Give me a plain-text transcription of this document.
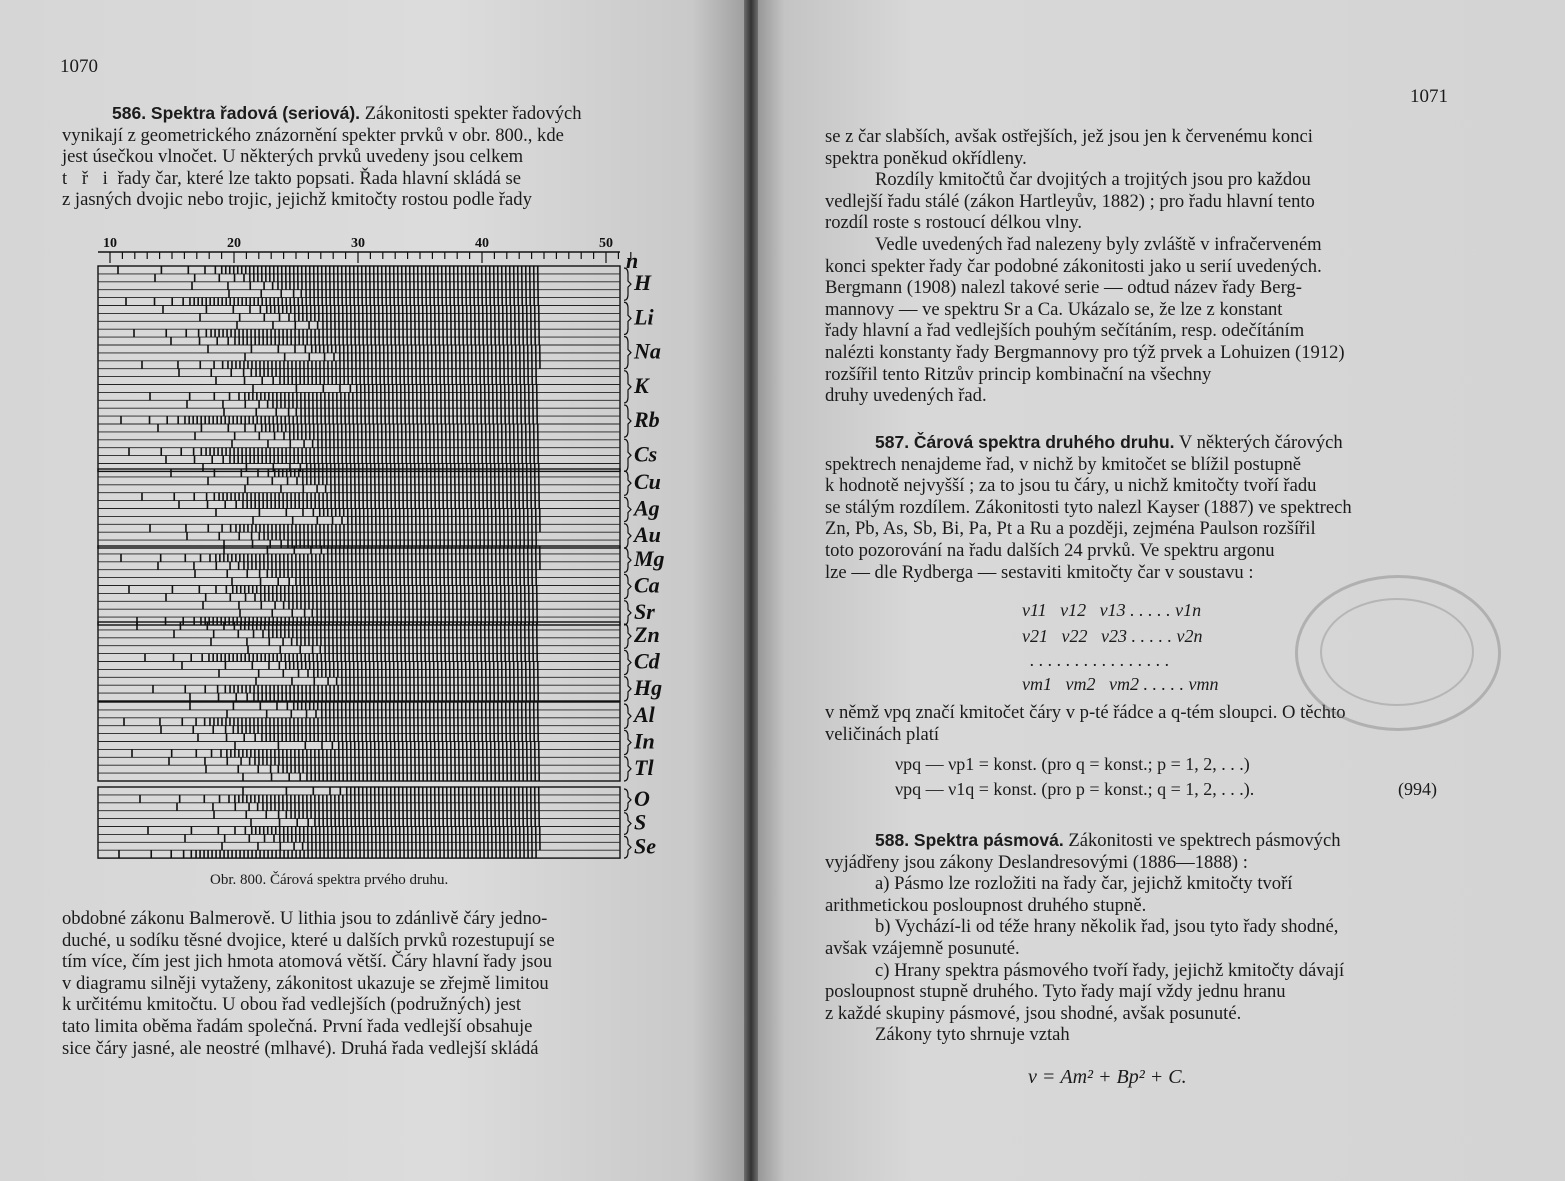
1070

586. Spektra řadová (seriová). Zákonitosti spekter řadových

vynikají z geometrického znázornění spekter prvků v obr. 800., kde

jest úsečkou vlnočet. U některých prvků uvedeny jsou celkem

t ř i řady čar, které lze takto popsati. Řada hlavní skládá se

z jasných dvojic nebo trojic, jejichž kmitočty rostou podle řady

10	20	30	40	50
n
H
Li
Na
K
Rb
Cs
Cu
Ag
Au
Mg
Ca
Sr
Zn
Cd
Hg
Al
In
Tl
O
S
Se
Obr. 800. Čárová spektra prvého druhu.

obdobné zákonu Balmerově. U lithia jsou to zdánlivě čáry jedno-

duché, u sodíku těsné dvojice, které u dalších prvků rozestupují se

tím více, čím jest jich hmota atomová větší. Čáry hlavní řady jsou

v diagramu silněji vytaženy, zákonitost ukazuje se zřejmě limitou

k určitému kmitočtu. U obou řad vedlejších (podružných) jest

tato limita oběma řadám společná. První řada vedlejší obsahuje

sice čáry jasné, ale neostré (mlhavé). Druhá řada vedlejší skládá

1071

se z čar slabších, avšak ostřejších, jež jsou jen k červenému konci

spektra poněkud okřídleny.

Rozdíly kmitočtů čar dvojitých a trojitých jsou pro každou

vedlejší řadu stálé (zákon Hartleyův, 1882) ; pro řadu hlavní tento

rozdíl roste s rostoucí délkou vlny.

Vedle uvedených řad nalezeny byly zvláště v infračerveném

konci spekter řady čar podobné zákonitosti jako u serií uvedených.

Bergmann (1908) nalezl takové serie — odtud název řady Berg-

mannovy — ve spektru Sr a Ca. Ukázalo se, že lze z konstant

řady hlavní a řad vedlejších pouhým sečítáním, resp. odečítáním

nalézti konstanty řady Bergmannovy pro týž prvek a Lohuizen (1912)

rozšířil tento Ritzův princip kombinační na všechny

druhy uvedených řad.

587. Čárová spektra druhého druhu. V některých čárových

spektrech nenajdeme řad, v nichž by kmitočet se blížil postupně

k hodnotě nejvyšší ; za to jsou tu čáry, u nichž kmitočty tvoří řadu

se stálým rozdílem. Zákonitosti tyto nalezl Kayser (1887) ve spektrech

Zn, Pb, As, Sb, Bi, Pa, Pt a Ru a později, zejména Paulson rozšířil

toto pozorování na řadu dalších 24 prvků. Ve spektru argonu

lze — dle Rydberga — sestaviti kmitočty čar v soustavu :

ν11   ν12   ν13 . . . . . ν1n
ν21   ν22   ν23 . . . . . ν2n
. . . . . . . . . . . . . . . .
νm1   νm2   νm2 . . . . . νmn

v němž νpq značí kmitočet čáry v p-té řádce a q-tém sloupci. O těchto

veličinách platí

νpq — νp1 = konst. (pro q = konst.; p = 1, 2, . . .)
νpq — ν1q = konst. (pro p = konst.; q = 1, 2, . . .).	(994)

588. Spektra pásmová. Zákonitosti ve spektrech pásmových

vyjádřeny jsou zákony Deslandresovými (1886—1888) :

a) Pásmo lze rozložiti na řady čar, jejichž kmitočty tvoří

arithmetickou posloupnost druhého stupně.

b) Vychází-li od téže hrany několik řad, jsou tyto řady shodné,

avšak vzájemně posunuté.

c) Hrany spektra pásmového tvoří řady, jejichž kmitočty dávají

posloupnost stupně druhého. Tyto řady mají vždy jednu hranu

z každé skupiny pásmové, jsou shodné, avšak posunuté.

Zákony tyto shrnuje vztah

ν = Am² + Bp² + C.
